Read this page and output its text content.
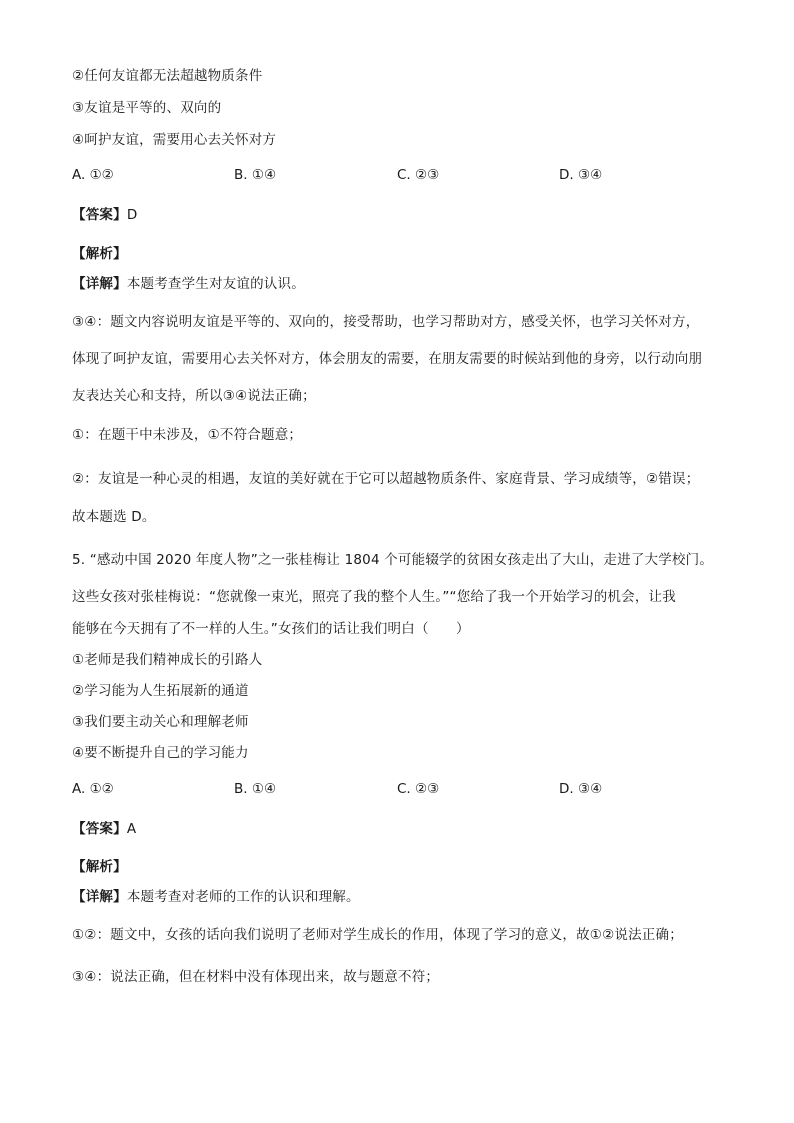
②任何友谊都无法超越物质条件
③友谊是平等的、双向的
④呵护友谊，需要用心去关怀对方
A. ①②	B. ①④	C. ②③	D. ③④
【答案】D
【解析】
【详解】本题考查学生对友谊的认识。
③④：题文内容说明友谊是平等的、双向的，接受帮助，也学习帮助对方，感受关怀，也学习关怀对方，
体现了呵护友谊，需要用心去关怀对方，体会朋友的需要，在朋友需要的时候站到他的身旁，以行动向朋
友表达关心和支持，所以③④说法正确；
①：在题干中未涉及，①不符合题意；
②：友谊是一种心灵的相遇，友谊的美好就在于它可以超越物质条件、家庭背景、学习成绩等，②错误；
故本题选 D。
5. “感动中国 2020 年度人物”之一张桂梅让 1804 个可能辍学的贫困女孩走出了大山，走进了大学校门。
这些女孩对张桂梅说：“您就像一束光，照亮了我的整个人生。”“您给了我一个开始学习的机会，让我
能够在今天拥有了不一样的人生。”女孩们的话让我们明白（　　）
①老师是我们精神成长的引路人
②学习能为人生拓展新的通道
③我们要主动关心和理解老师
④要不断提升自己的学习能力
A. ①②	B. ①④	C. ②③	D. ③④
【答案】A
【解析】
【详解】本题考查对老师的工作的认识和理解。
①②：题文中，女孩的话向我们说明了老师对学生成长的作用，体现了学习的意义，故①②说法正确；
③④：说法正确，但在材料中没有体现出来，故与题意不符；
